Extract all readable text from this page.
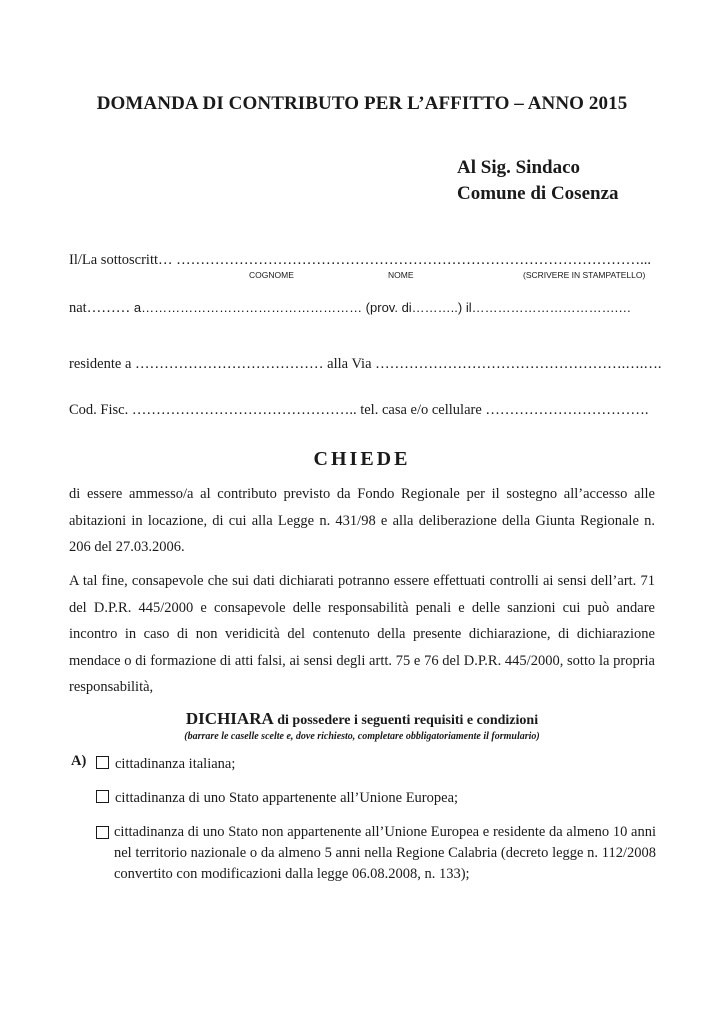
DOMANDA DI CONTRIBUTO PER L’AFFITTO – ANNO 2015
Al Sig. Sindaco
Comune di Cosenza
Il/La sottoscritt… ……………………………………………………………………………………...
COGNOME	NOME	(SCRIVERE IN STAMPATELLO)
nat……… a…………………………………………… (prov. di………..) il…………………………….…
residente a ………………………………… alla Via …………………………………………….….….
Cod. Fisc. ……………………………………….. tel. casa e/o cellulare …………………………….
CHIEDE
di essere ammesso/a al contributo previsto da Fondo Regionale per il sostegno all’accesso alle abitazioni in locazione, di cui alla Legge n. 431/98 e alla deliberazione della Giunta Regionale n. 206 del 27.03.2006.
A tal fine, consapevole che sui dati dichiarati potranno essere effettuati controlli ai sensi dell’art. 71 del D.P.R. 445/2000 e consapevole delle responsabilità penali e delle sanzioni cui può andare incontro in caso di non veridicità del contenuto della presente dichiarazione, di dichiarazione mendace o di formazione di atti falsi, ai sensi degli artt. 75 e 76 del D.P.R. 445/2000, sotto la propria responsabilità,
DICHIARA di possedere i seguenti requisiti e condizioni
(barrare le caselle scelte e, dove richiesto, completare obbligatoriamente il formulario)
A)	cittadinanza italiana;
cittadinanza di uno Stato appartenente all’Unione Europea;
cittadinanza di uno Stato non appartenente all’Unione Europea e residente da almeno 10 anni nel territorio nazionale o da almeno 5 anni nella Regione Calabria (decreto legge n. 112/2008 convertito con modificazioni dalla legge 06.08.2008, n. 133);
